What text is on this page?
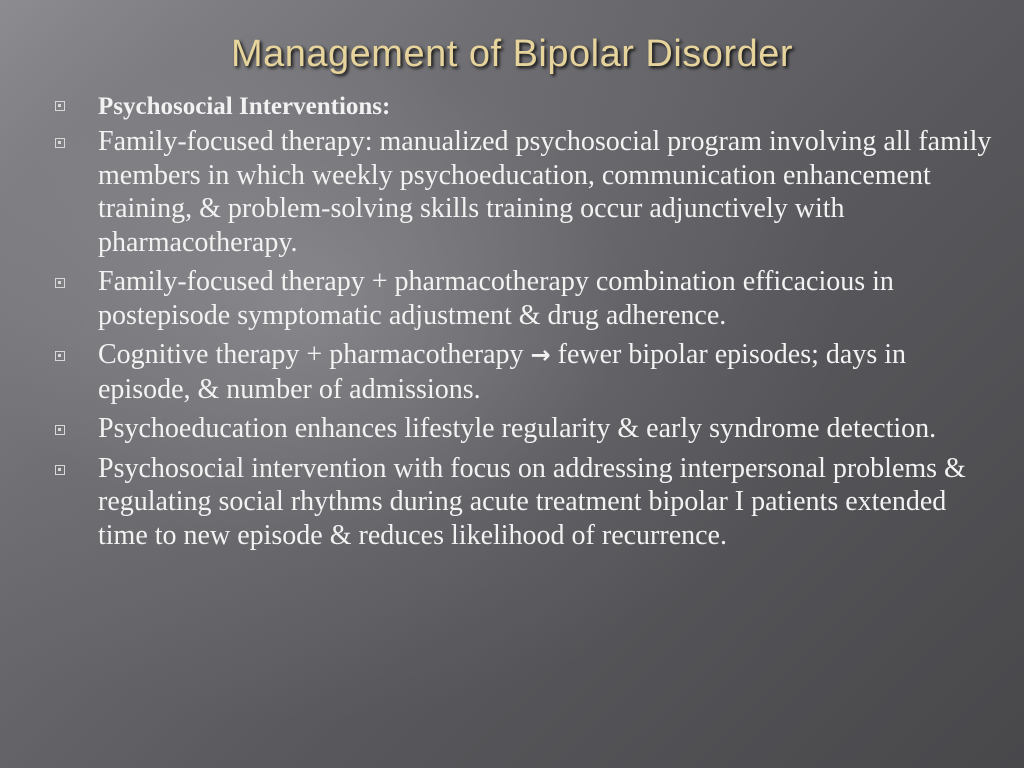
Management of Bipolar Disorder
Psychosocial Interventions:
Family-focused therapy: manualized psychosocial program involving all family members in which weekly psychoeducation, communication enhancement training, & problem-solving skills training occur adjunctively with pharmacotherapy.
Family-focused therapy + pharmacotherapy combination efficacious in postepisode symptomatic adjustment & drug adherence.
Cognitive therapy + pharmacotherapy → fewer bipolar episodes; days in episode, & number of admissions.
Psychoeducation enhances lifestyle regularity & early syndrome detection.
Psychosocial intervention with focus on addressing interpersonal problems & regulating social rhythms during acute treatment bipolar I patients extended time to new episode & reduces likelihood of recurrence.
